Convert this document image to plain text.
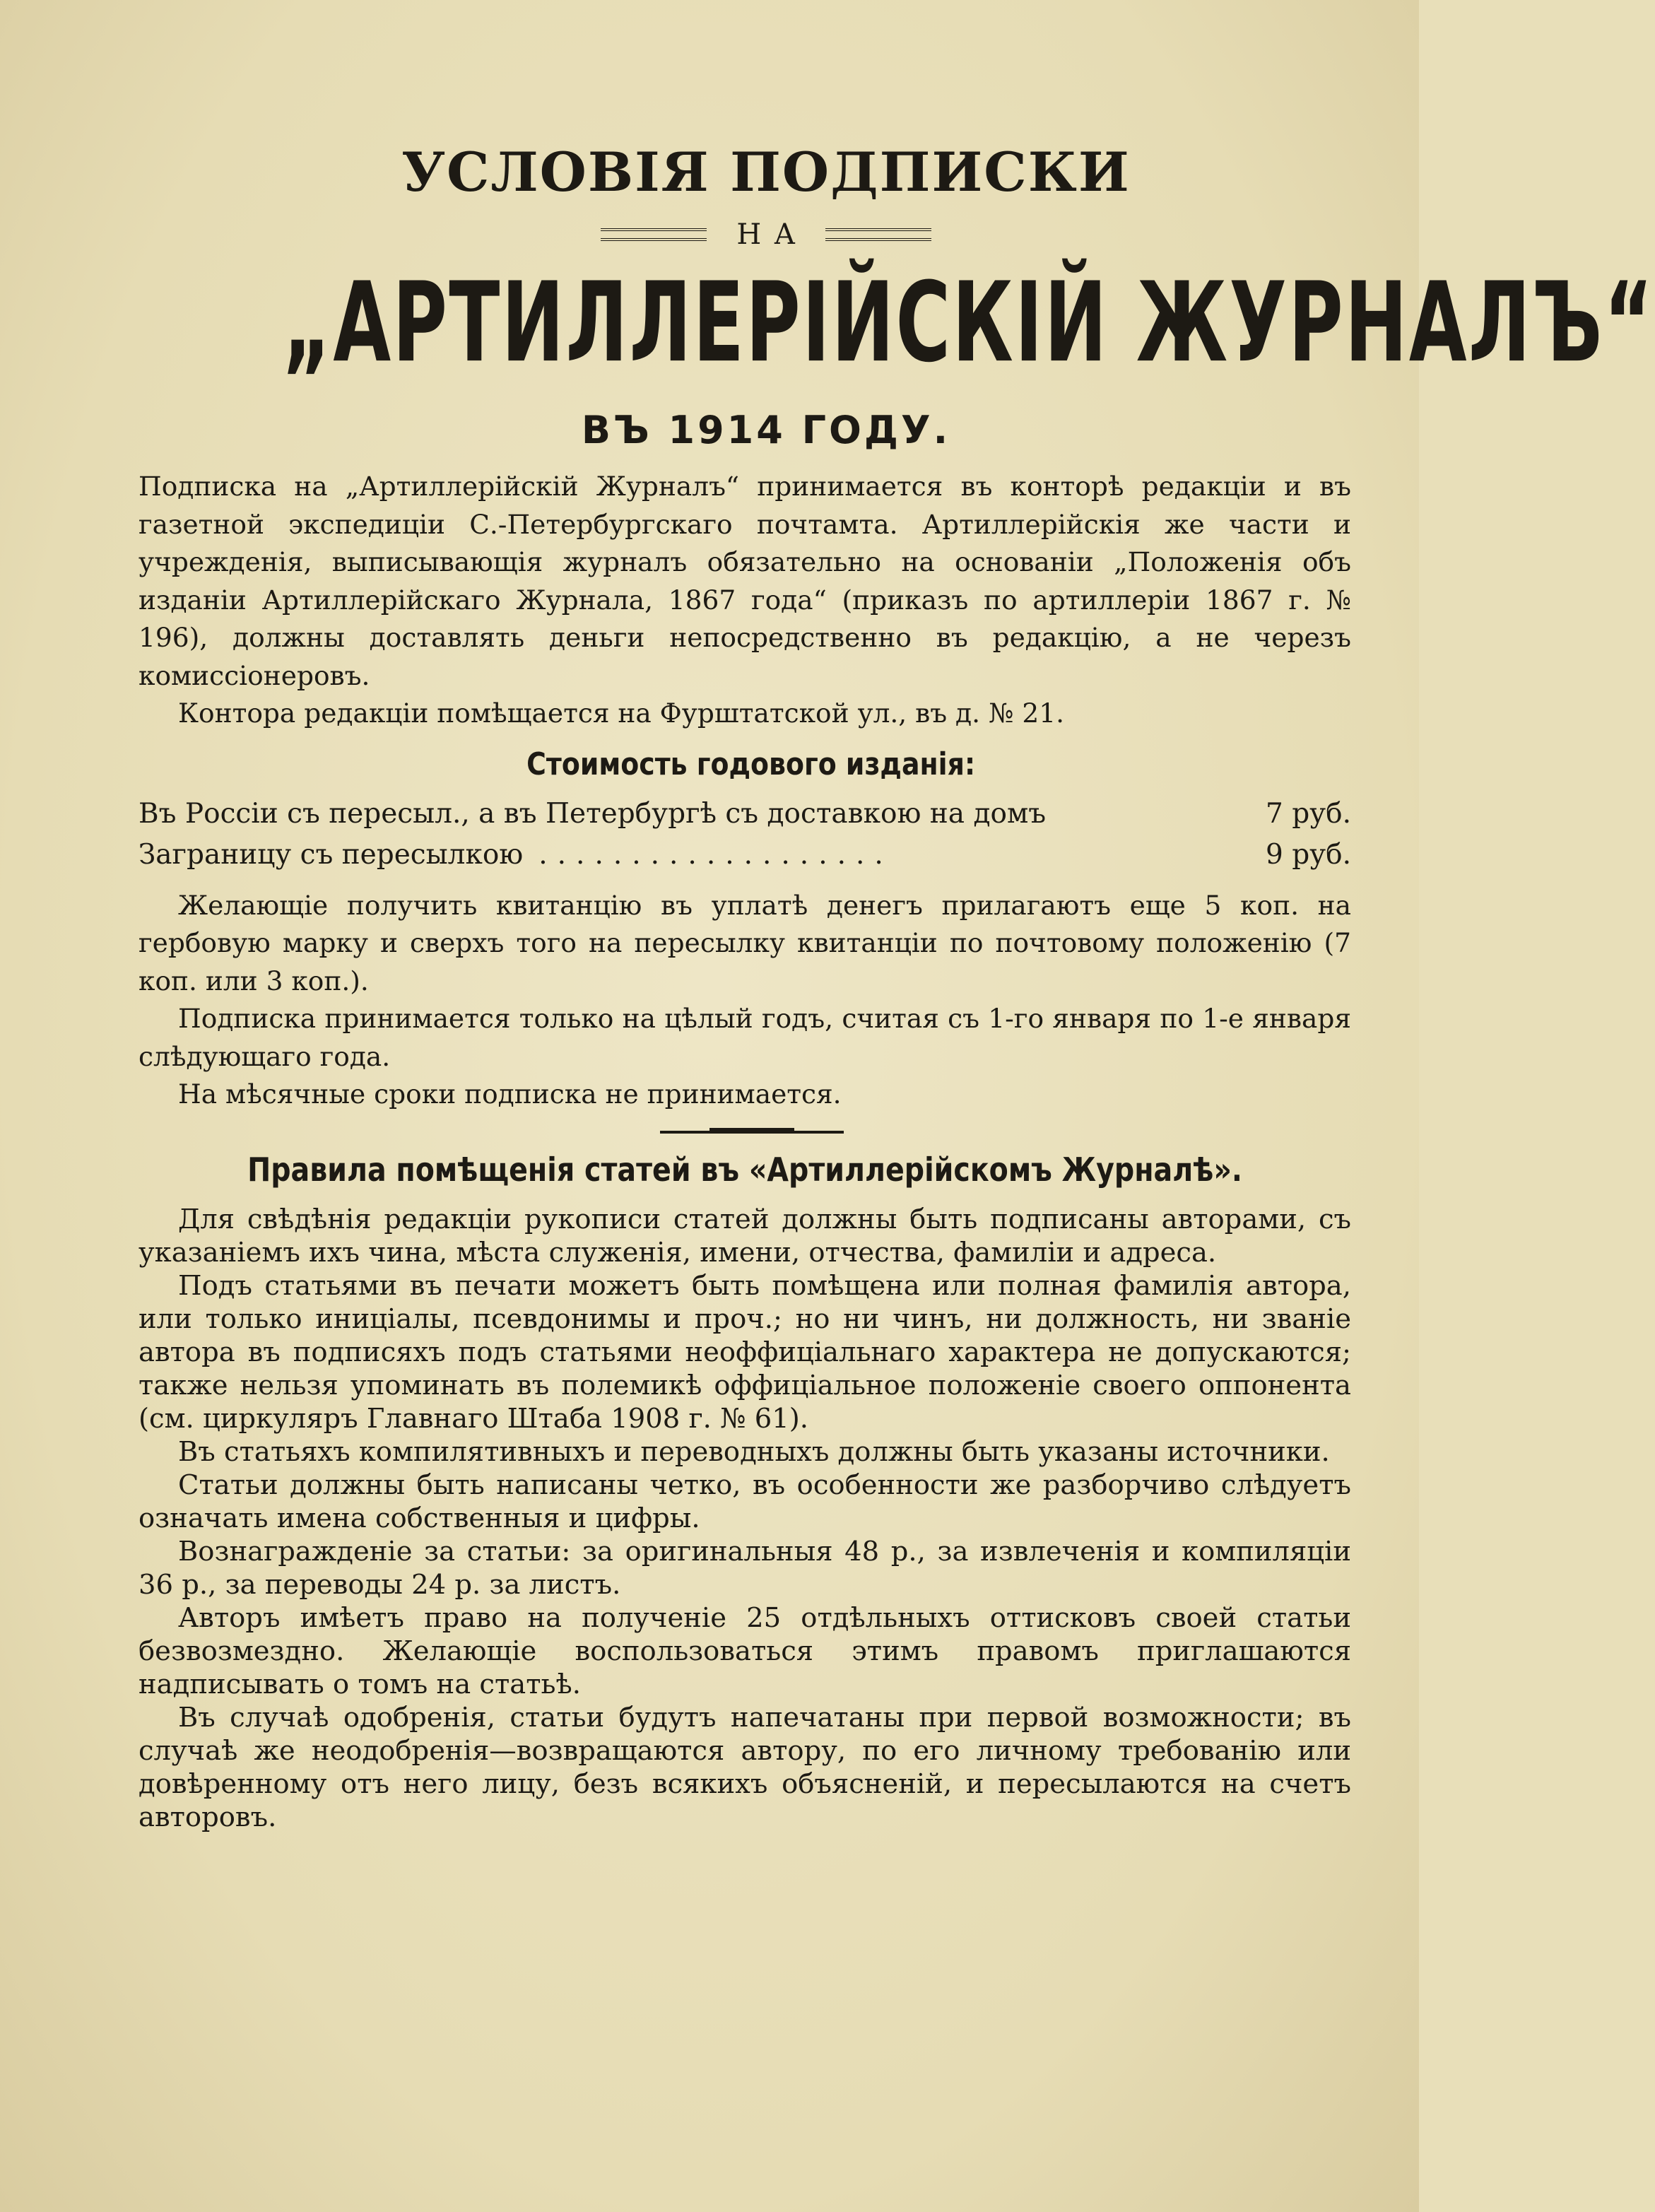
УСЛОВІЯ ПОДПИСКИ
НА
„АРТИЛЛЕРІЙСКІЙ ЖУРНАЛЪ“
ВЪ 1914 ГОДУ.

Подписка на „Артиллерійскій Журналъ“ принимается въ конторѣ редакціи и въ газетной экспедиціи С.-Петербургскаго почтамта. Артиллерійскія же части и учрежденія, выписывающія журналъ обязательно на основаніи „Положенія объ изданіи Артиллерійскаго Журнала, 1867 года“ (приказъ по артиллеріи 1867 г. № 196), должны доставлять деньги непосредственно въ редакцію, а не черезъ комиссіонеровъ.

Контора редакціи помѣщается на Фурштатской ул., въ д. № 21.

Стоимость годового изданія:
Въ Россіи съ пересыл., а въ Петербургѣ съ доставкою на домъ	7 руб.
Заграницу съ пересылкою ...................	9 руб.

Желающіе получить квитанцію въ уплатѣ денегъ прилагаютъ еще 5 коп. на гербовую марку и сверхъ того на пересылку квитанціи по почтовому положенію (7 коп. или 3 коп.).

Подписка принимается только на цѣлый годъ, считая съ 1-го января по 1-е января слѣдующаго года.

На мѣсячные сроки подписка не принимается.

Правила помѣщенія статей въ «Артиллерійскомъ Журналѣ».

Для свѣдѣнія редакціи рукописи статей должны быть подписаны авторами, съ указаніемъ ихъ чина, мѣста служенія, имени, отчества, фамиліи и адреса.

Подъ статьями въ печати можетъ быть помѣщена или полная фамилія автора, или только иниціалы, псевдонимы и проч.; но ни чинъ, ни должность, ни званіе автора въ подписяхъ подъ статьями неоффиціальнаго характера не допускаются; также нельзя упоминать въ полемикѣ оффиціальное положеніе своего оппонента (см. циркуляръ Главнаго Штаба 1908 г. № 61).

Въ статьяхъ компилятивныхъ и переводныхъ должны быть указаны источники.

Статьи должны быть написаны четко, въ особенности же разборчиво слѣдуетъ означать имена собственныя и цифры.

Вознагражденіе за статьи: за оригинальныя 48 р., за извлеченія и компиляціи 36 р., за переводы 24 р. за листъ.

Авторъ имѣетъ право на полученіе 25 отдѣльныхъ оттисковъ своей статьи безвозмездно. Желающіе воспользоваться этимъ правомъ приглашаются надписывать о томъ на статьѣ.

Въ случаѣ одобренія, статьи будутъ напечатаны при первой возможности; въ случаѣ же неодобренія—возвращаются автору, по его личному требованію или довѣренному отъ него лицу, безъ всякихъ объясненій, и пересылаются на счетъ авторовъ.
